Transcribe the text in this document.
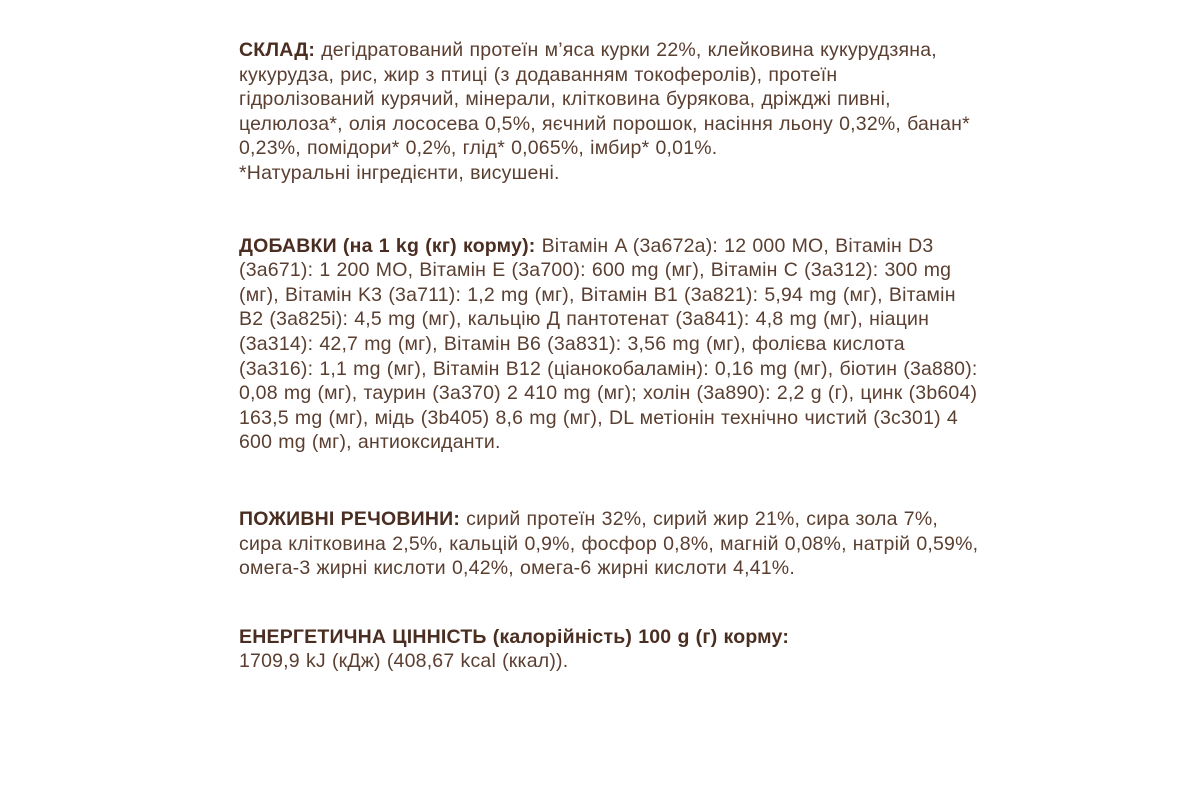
СКЛАД: дегідратований протеїн м’яса курки 22%, клейковина кукурудзяна, кукурудза, рис, жир з птиці (з додаванням токоферолів), протеїн гідролізований курячий, мінерали, клітковина бурякова, дріжджі пивні, целюлоза*, олія лососева 0,5%, яєчний порошок, насіння льону 0,32%, банан* 0,23%, помідори* 0,2%, глід* 0,065%, імбир* 0,01%.
*Натуральні інгредієнти, висушені.
ДОБАВКИ (на 1 kg (кг) корму): Вітамін A (3a672a): 12 000 МО, Вітамін D3 (3a671): 1 200 МО, Вітамін E (3a700): 600 mg (мг), Вітамін C (3a312): 300 mg (мг), Вітамін K3 (3a711): 1,2 mg (мг), Вітамін B1 (3a821): 5,94 mg (мг), Вітамін B2 (3a825i): 4,5 mg (мг), кальцію Д пантотенат (3a841): 4,8 mg (мг), ніацин (3a314): 42,7 mg (мг), Вітамін B6 (3a831): 3,56 mg (мг), фолієва кислота (3a316): 1,1 mg (мг), Вітамін B12 (ціанокобаламін): 0,16 mg (мг), біотин (3a880): 0,08 mg (мг), таурин (3a370) 2 410 mg (мг); холін (3a890): 2,2 g (г), цинк (3b604) 163,5 mg (мг), мідь (3b405) 8,6 mg (мг), DL метіонін технічно чистий (3c301) 4 600 mg (мг), антиоксиданти.
ПОЖИВНІ РЕЧОВИНИ: сирий протеїн 32%, сирий жир 21%, сира зола 7%, сира клітковина 2,5%, кальцій 0,9%, фосфор 0,8%, магній 0,08%, натрій 0,59%, омега-3 жирні кислоти 0,42%, омега-6 жирні кислоти 4,41%.
ЕНЕРГЕТИЧНА ЦІННІСТЬ (калорійність) 100 g (г) корму:
1709,9 kJ (кДж) (408,67 kcal (ккал)).
